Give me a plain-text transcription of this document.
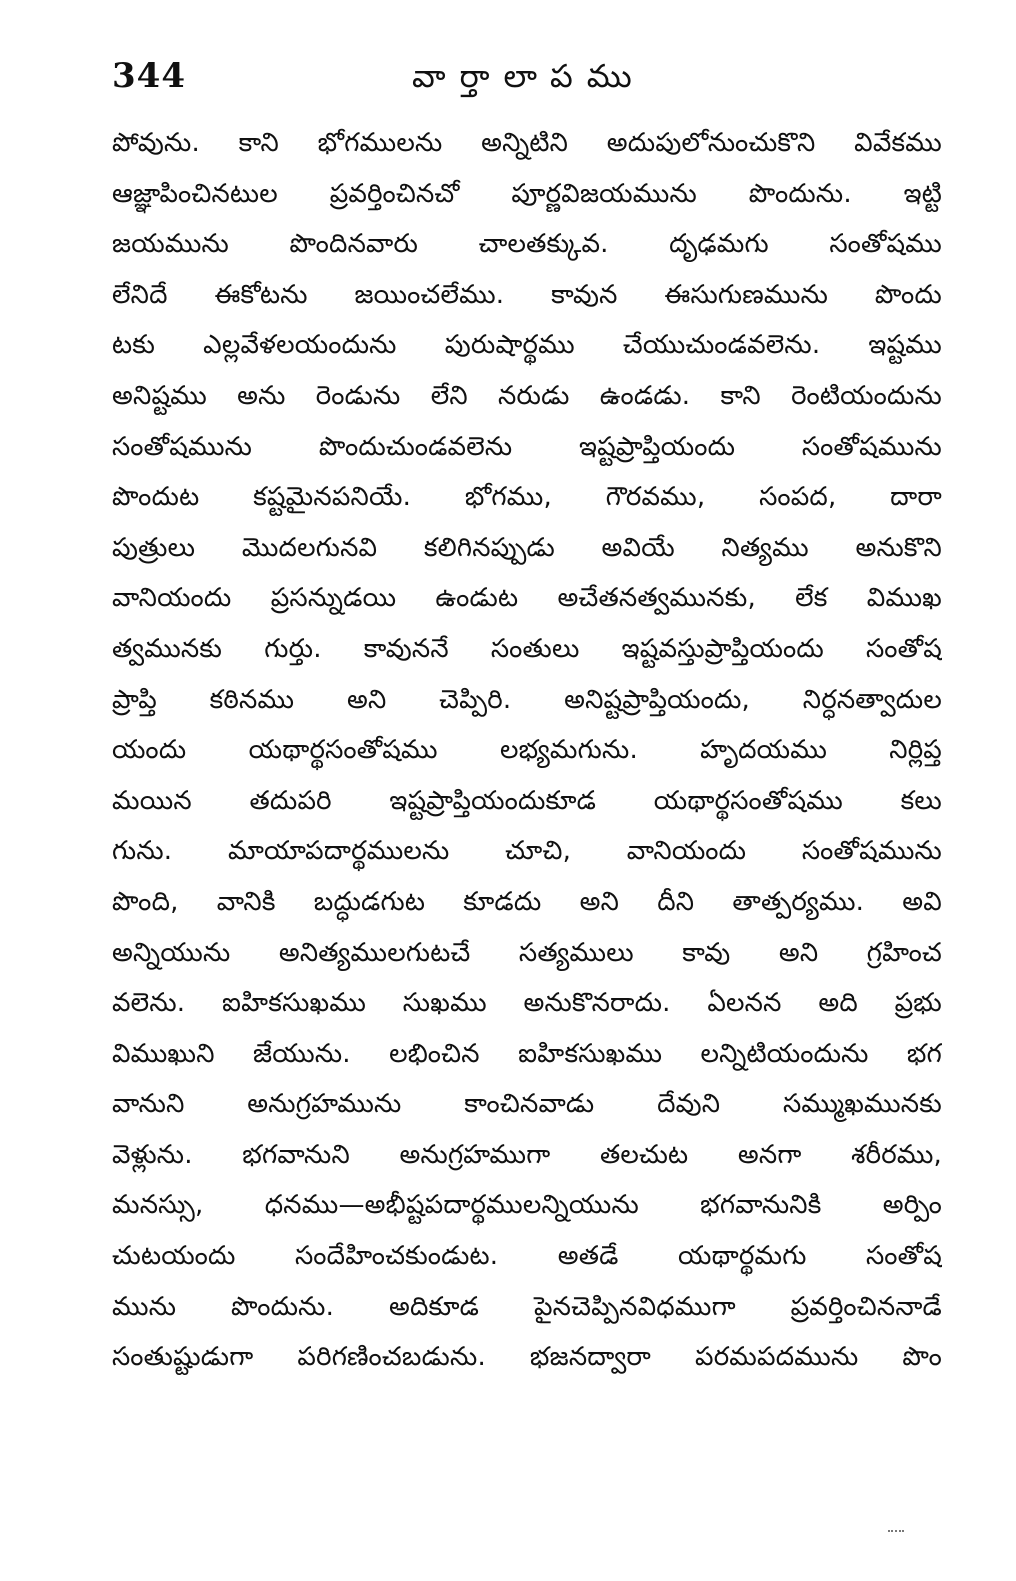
344	వార్తాలాపము
పోవును. కాని భోగములను అన్నిటిని అదుపులోనుంచుకొని వివేకము
ఆజ్ఞాపించినటుల ప్రవర్తించినచో పూర్ణవిజయమును పొందును. ఇట్టి
జయమును పొందినవారు చాలతక్కువ. దృఢమగు సంతోషము
లేనిదే ఈకోటను జయించలేము. కావున ఈసుగుణమును పొందు
టకు ఎల్లవేళలయందును పురుషార్థము చేయుచుండవలెను. ఇష్టము
అనిష్టము అను రెండును లేని నరుడు ఉండడు. కాని రెంటియందును
సంతోషమును పొందుచుండవలెను ఇష్టప్రాప్తియందు సంతోషమును
పొందుట కష్టమైనపనియే. భోగము, గౌరవము, సంపద, దారా
పుత్రులు మొదలగునవి కలిగినప్పుడు అవియే నిత్యము అనుకొని
వానియందు ప్రసన్నుడయి ఉండుట అచేతనత్వమునకు, లేక విముఖ
త్వమునకు గుర్తు. కావుననే సంతులు ఇష్టవస్తుప్రాప్తియందు సంతోష
ప్రాప్తి కఠినము అని చెప్పిరి. అనిష్టప్రాప్తియందు, నిర్ధనత్వాదుల
యందు యథార్థసంతోషము లభ్యమగును. హృదయము నిర్లిప్త
మయిన తదుపరి ఇష్టప్రాప్తియందుకూడ యథార్థసంతోషము కలు
గును. మాయాపదార్థములను చూచి, వానియందు సంతోషమును
పొంది, వానికి బద్ధుడగుట కూడదు అని దీని తాత్పర్యము. అవి
అన్నియును అనిత్యములగుటచే సత్యములు కావు అని గ్రహించ
వలెను. ఐహికసుఖము సుఖము అనుకొనరాదు. ఏలనన అది ప్రభు
విముఖుని జేయును. లభించిన ఐహికసుఖము లన్నిటియందును భగ
వానుని అనుగ్రహమును కాంచినవాడు దేవుని సమ్ముఖమునకు
వెళ్లును. భగవానుని అనుగ్రహముగా తలచుట అనగా శరీరము,
మనస్సు, ధనము—అభీష్టపదార్థములన్నియును భగవానునికి అర్పిం
చుటయందు సందేహించకుండుట. అతడే యథార్థమగు సంతోష
మును పొందును. అదికూడ పైనచెప్పినవిధముగా ప్రవర్తించిననాడే
సంతుష్టుడుగా పరిగణించబడును. భజనద్వారా పరమపదమును పొం
